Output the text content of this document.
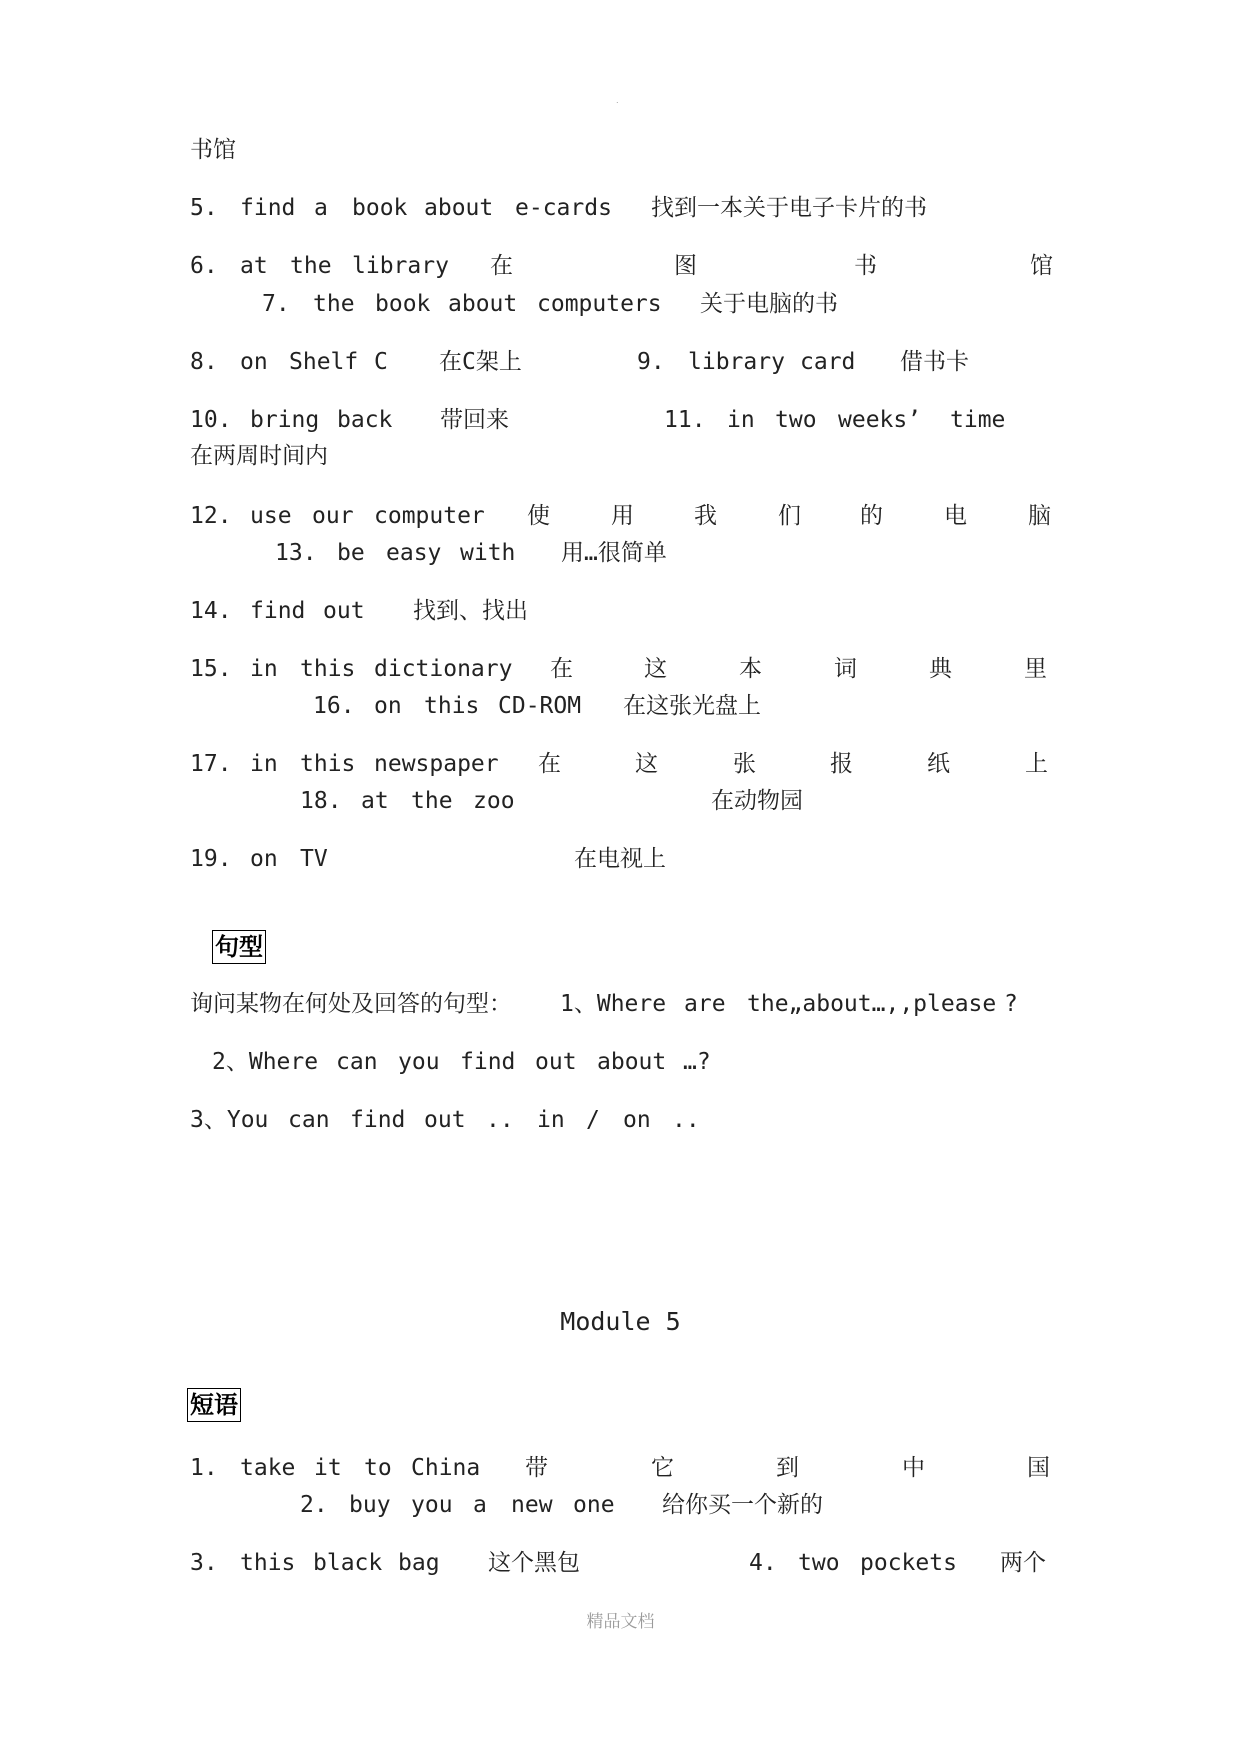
.
书馆
5. find a book about e-cards 找到一本关于电子卡片的书
6. at the library 在	图	书	馆
7. the book about computers 关于电脑的书
8. on Shelf C 在C架上	9. library card 借书卡
10. bring back 带回来	11. in two weeks’ time
在两周时间内
12. use our computer 使	用	我	们	的	电	脑
13. be easy with 用…很简单
14. find out 找到、找出
15. in this dictionary 在	这	本	词	典	里
16. on this CD-ROM 在这张光盘上
17. in this newspaper 在	这	张	报	纸	上
18. at the zoo	在动物园
19. on TV	在电视上
询问某物在何处及回答的句型： 1、Where are the„about…,,please ?
2、Where can you find out about …?
3、You can find out .. in / on ..
1. take it to China 带	它	到	中	国
2. buy you a new one 给你买一个新的
3. this black bag 这个黑包	4. two pockets 两个
句型
Module 5
短语
精品文档
